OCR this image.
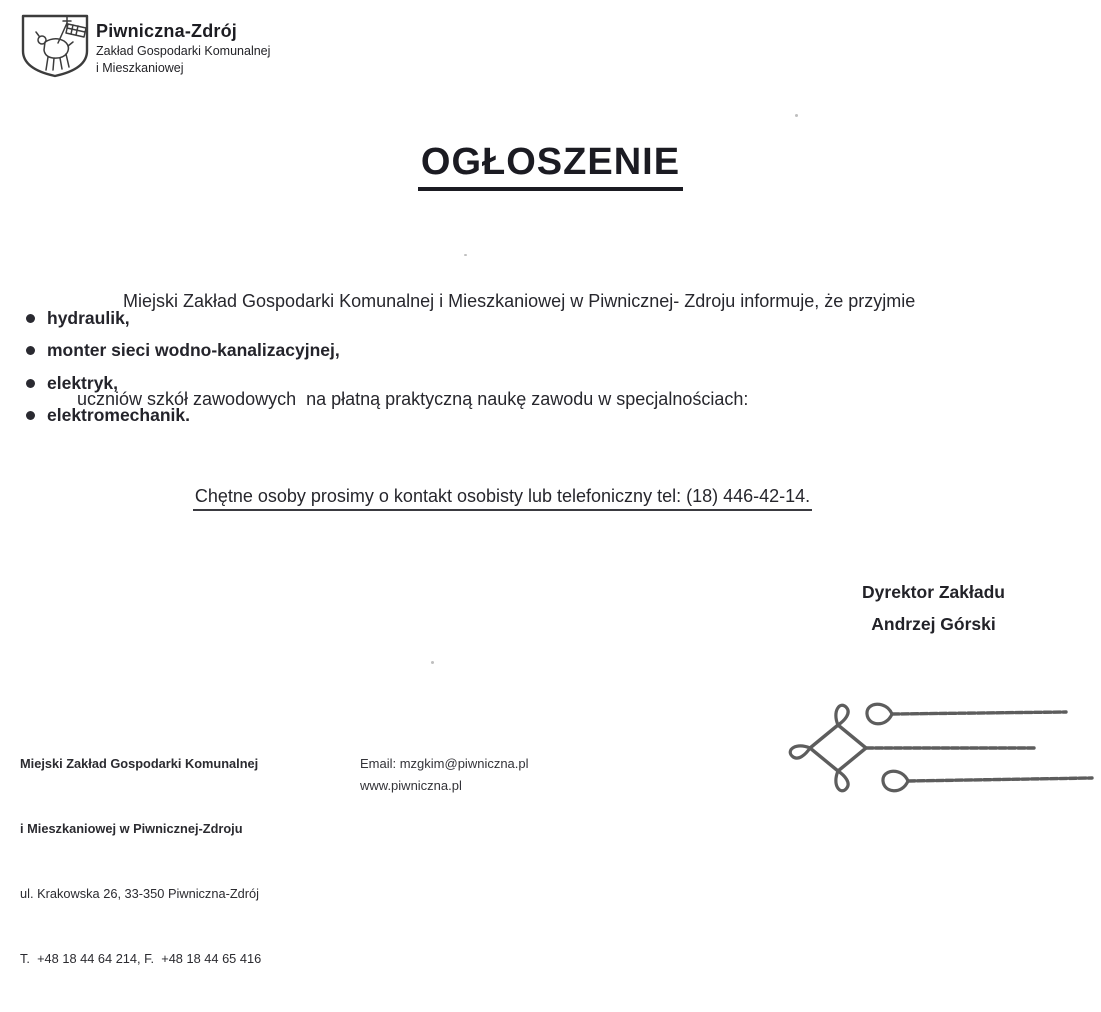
Piwniczna-Zdrój
Zakład Gospodarki Komunalnej
i Mieszkaniowej
OGŁOSZENIE

Miejski Zakład Gospodarki Komunalnej i Mieszkaniowej w Piwnicznej- Zdroju informuje, że przyjmie

uczniów szkół zawodowych  na płatną praktyczną naukę zawodu w specjalnościach:

hydraulik,
monter sieci wodno-kanalizacyjnej,
elektryk,
elektromechanik.
Chętne osoby prosimy o kontakt osobisty lub telefoniczny tel: (18) 446-42-14.
Dyrektor Zakładu
Andrzej Górski

Miejski Zakład Gospodarki Komunalnej

i Mieszkaniowej w Piwnicznej-Zdroju

ul. Krakowska 26, 33-350 Piwniczna-Zdrój

T.  +48 18 44 64 214, F.  +48 18 44 65 416

Email: mzgkim@piwniczna.pl
www.piwniczna.pl
